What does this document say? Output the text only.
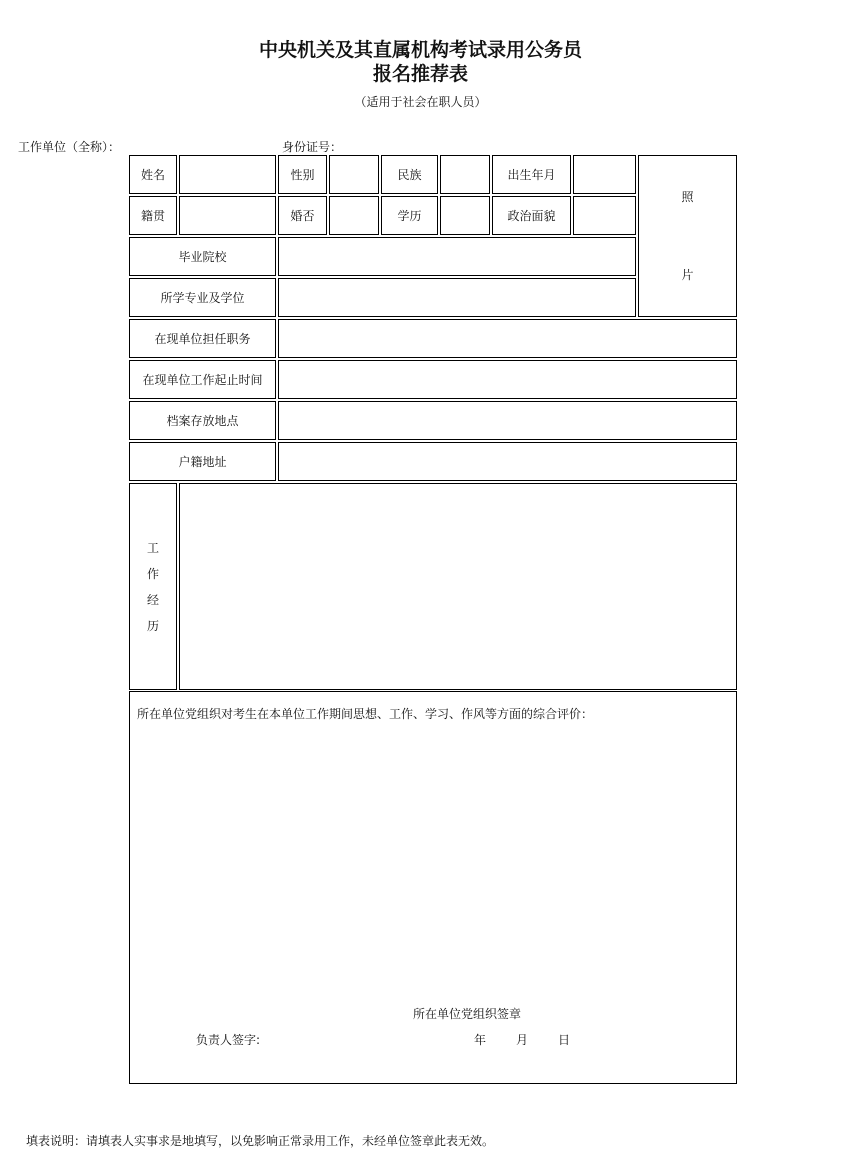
中央机关及其直属机构考试录用公务员
报名推荐表
（适用于社会在职人员）
工作单位（全称）：	身份证号：
姓名	性别	民族	出生年月
照
片
籍贯	婚否	学历	政治面貌
毕业院校
所学专业及学位
在现单位担任职务
在现单位工作起止时间
档案存放地点
户籍地址
工
作
经
历
所在单位党组织对考生在本单位工作期间思想、工作、学习、作风等方面的综合评价：
所在单位党组织签章
负责人签字:	年 月 日
填表说明：请填表人实事求是地填写，以免影响正常录用工作，未经单位签章此表无效。
